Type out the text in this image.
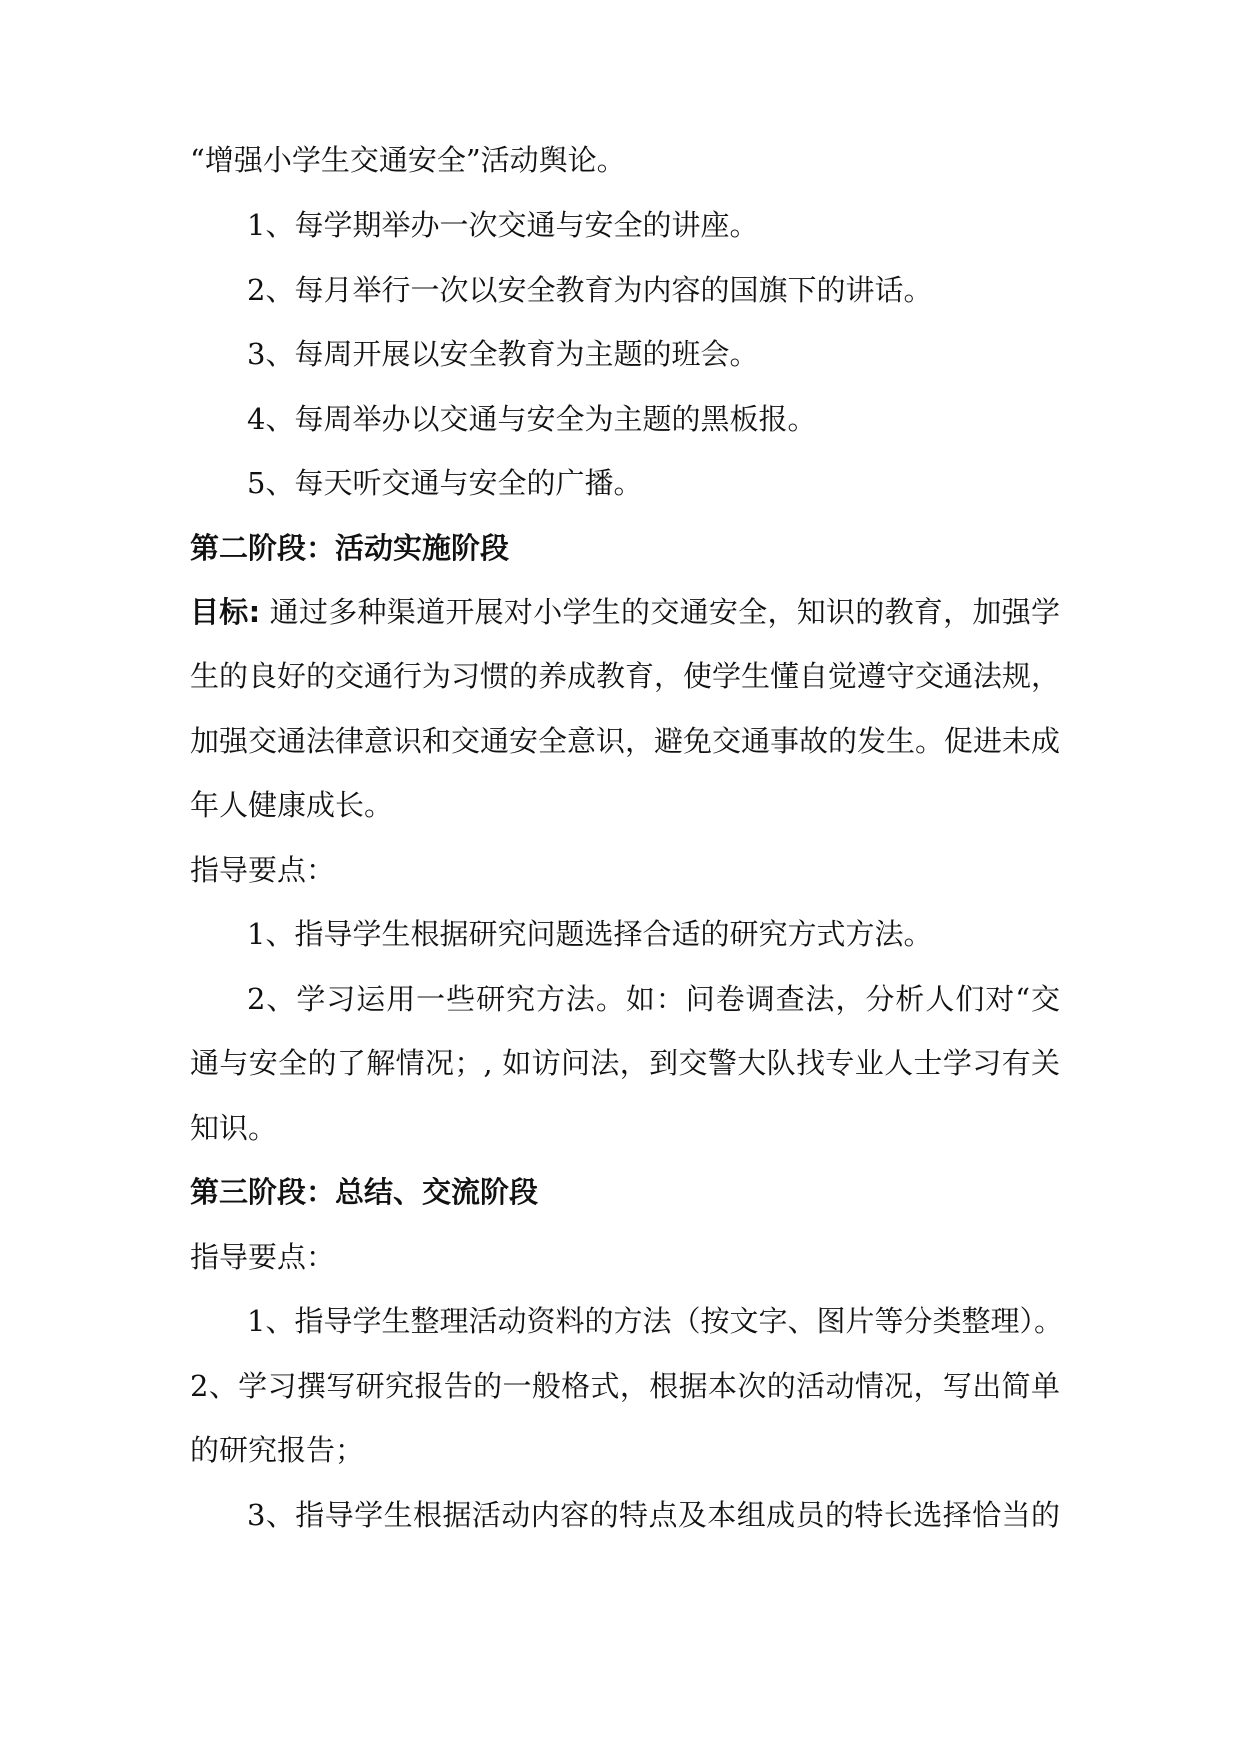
“增强小学生交通安全”活动舆论。
1、每学期举办一次交通与安全的讲座。
2、每月举行一次以安全教育为内容的国旗下的讲话。
3、每周开展以安全教育为主题的班会。
4、每周举办以交通与安全为主题的黑板报。
5、每天听交通与安全的广播。
第二阶段：活动实施阶段
目标: 通过多种渠道开展对小学生的交通安全，知识的教育，加强学
生的良好的交通行为习惯的养成教育，使学生懂自觉遵守交通法规，
加强交通法律意识和交通安全意识，避免交通事故的发生。促进未成
年人健康成长。
指导要点：
1、指导学生根据研究问题选择合适的研究方式方法。
2、学习运用一些研究方法。如：问卷调查法，分析人们对“交
通与安全的了解情况；, 如访问法，到交警大队找专业人士学习有关
知识。
第三阶段：总结、交流阶段
指导要点：
1、指导学生整理活动资料的方法（按文字、图片等分类整理）。
2、学习撰写研究报告的一般格式，根据本次的活动情况，写出简单
的研究报告；
3、指导学生根据活动内容的特点及本组成员的特长选择恰当的
